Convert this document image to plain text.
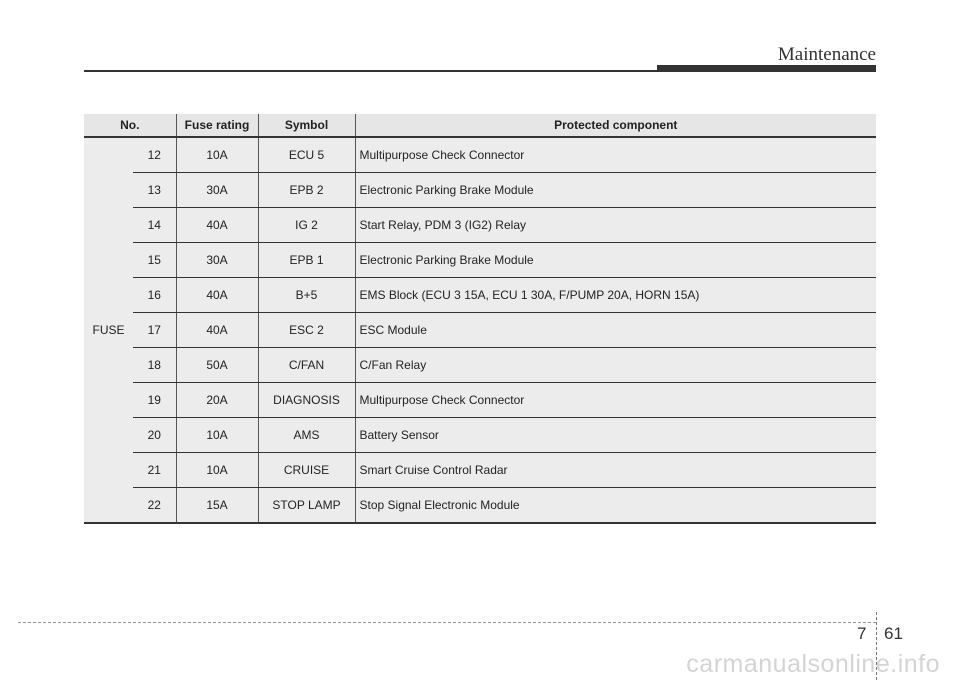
Maintenance
No.		Fuse rating	Symbol	Protected component
FUSE	12	10A	ECU 5	Multipurpose Check Connector
	13	30A	EPB 2	Electronic Parking Brake Module
	14	40A	IG 2	Start Relay, PDM 3 (IG2) Relay
	15	30A	EPB 1	Electronic Parking Brake Module
	16	40A	B+5	EMS Block (ECU 3 15A, ECU 1 30A, F/PUMP 20A, HORN 15A)
	17	40A	ESC 2	ESC Module
	18	50A	C/FAN	C/Fan Relay
	19	20A	DIAGNOSIS	Multipurpose Check Connector
	20	10A	AMS	Battery Sensor
	21	10A	CRUISE	Smart Cruise Control Radar
	22	15A	STOP LAMP	Stop Signal Electronic Module
7 61
carmanualsonline.info
